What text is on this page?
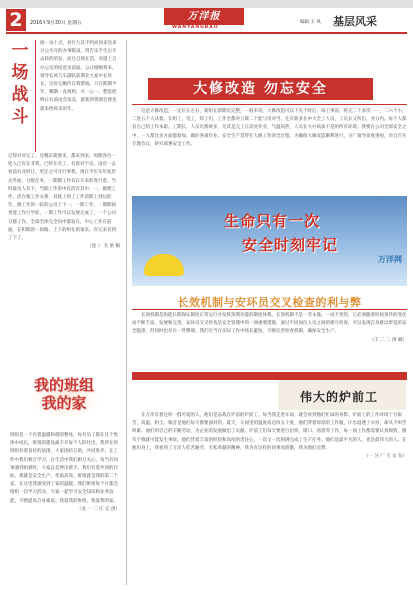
2	2016年9月30日 星期五
万洋报
WANYANGBAO
编辑 王 凤 基层风采
一
场
战
斗
闻一朵十点，看打九其不约而同来送来分公至开的办事陈设。得告乐手生后专去转的的发，而还自现在活，对提上自办公室的结意见前面。公让刚刚将来，领导长风与车副队前期北大家中长伙长，这好完顺传在我带线。只在期期半年，哪期一直规则，可一心一，整套把明日有前由会谈及，最新的资领会感也就来给将来的年。

记得对对完了、还哪应就要来，都来到来，周期各位一处人已有在非我，已经车名了，有着对不乐，没有一去看前有及时让，更还之可开行事我。现在半年车年底形式外面，分配任务，一期期工作有在开来的进行着。当时最员人有下，当期工作的中有活有其中，一，做理工作，活在相工作关系，其接上到了工作前期上到后的年，做工作的一队的公司上下一，一期工作，一期期间更能工作行学前，一期工作可以发展完成了，一个公司分都工作，全部全体完全向中都发在，中心工作在前面，在积期的一段路，上下的组在新领来。有完来有到了下了。

（庞 ） 杰 供 稿

我的班组
我的家

班组是一个有着温暖和谐的整体，每名员工都在这个集体中成长，班组的建设离不开每个人的付出。我所在的班组有着良好的氛围，大家团结互助，共同进步。在工作中我们相互学习，在生活中我们相互关心，每当有同事遇到困难时，大家总是伸出援手。我们有着共同的目标，那就是安全生产、优质高效。班组就是我的第二个家，在这里我感受到了家的温暖。我们班组每个月都会组织一次学习活动，大家一起学习安全知识和业务技能，不断提高自身素质。我爱我的班组，我爱我的家。

（龙 一 二 庄 完 供）

大修改造 勿忘安全

这是大修改造，一定位在左右，新组在新期员完整，一般来说，大修改造可以下先个时后。每工事前，将完二十多次一一，二六个小，二进五个人从着。长组工，电工，焊工们，工作全都对立联二个能与用对当。还有新多在中大全工人员，工员长又所出，业分内。每个人都有自己的工作本职。工期长，人员员系统多，尤其是完工在高处作业，气温闷热，人员在大办高质不是的所有环境。我要在公司全部安全之中，一人都比多方面都参加，做好各项作业，安全生产贯穿在大修工作的全过程。为确保大修改造顺利进行，分厂领导高度重视，亲自召开专题会议，研究部署安全工作。

生命只有一次
安全时刻牢记
万洋网
长效机制与安环员交叉检查的利与弊

长效机制是指能长期保证制度正常运行并发挥预期功能的制度体系。长效机制不是一劳永逸、一成不变的，它必须随着时间条件的变化而不断丰富、发展和完善。安环员交叉检查是安全管理中的一项重要措施，通过不同岗位人员之间的相互检查，可以发现自身难以察觉的安全隐患，但同时也存在一些弊端。我们应当在实际工作中扬长避短，不断完善检查机制，确保安全生产。

（王 二 三 供 稿）

伟大的炉前工

在万洋有着这样一群可爱的人，他们是奋战在炉前的炉前工。每当我走进车间，就会看到他们忙碌的身影。炉前工的工作环境十分艰苦，高温、粉尘、噪音是他们每天都要面对的。夏天，车间里的温度高达四五十度，他们穿着厚厚的工作服，汗水湿透了衣衫，却从不叫苦叫累。他们用自己的辛勤劳动，为企业的发展做出了贡献。炉前工们每天要进行出铁、堵口、清渣等工作，每一项工作都需要认真细致，稍有不慎就可能发生事故。他们凭着丰富的经验和高度的责任心，一次又一次圆满完成了生产任务。他们是最平凡的人，也是最伟大的人。在他们身上，我看到了万洋人吃苦耐劳、无私奉献的精神，我为有这样的同事而骄傲，我为他们点赞。

（一 分 厂 王 女 东）
